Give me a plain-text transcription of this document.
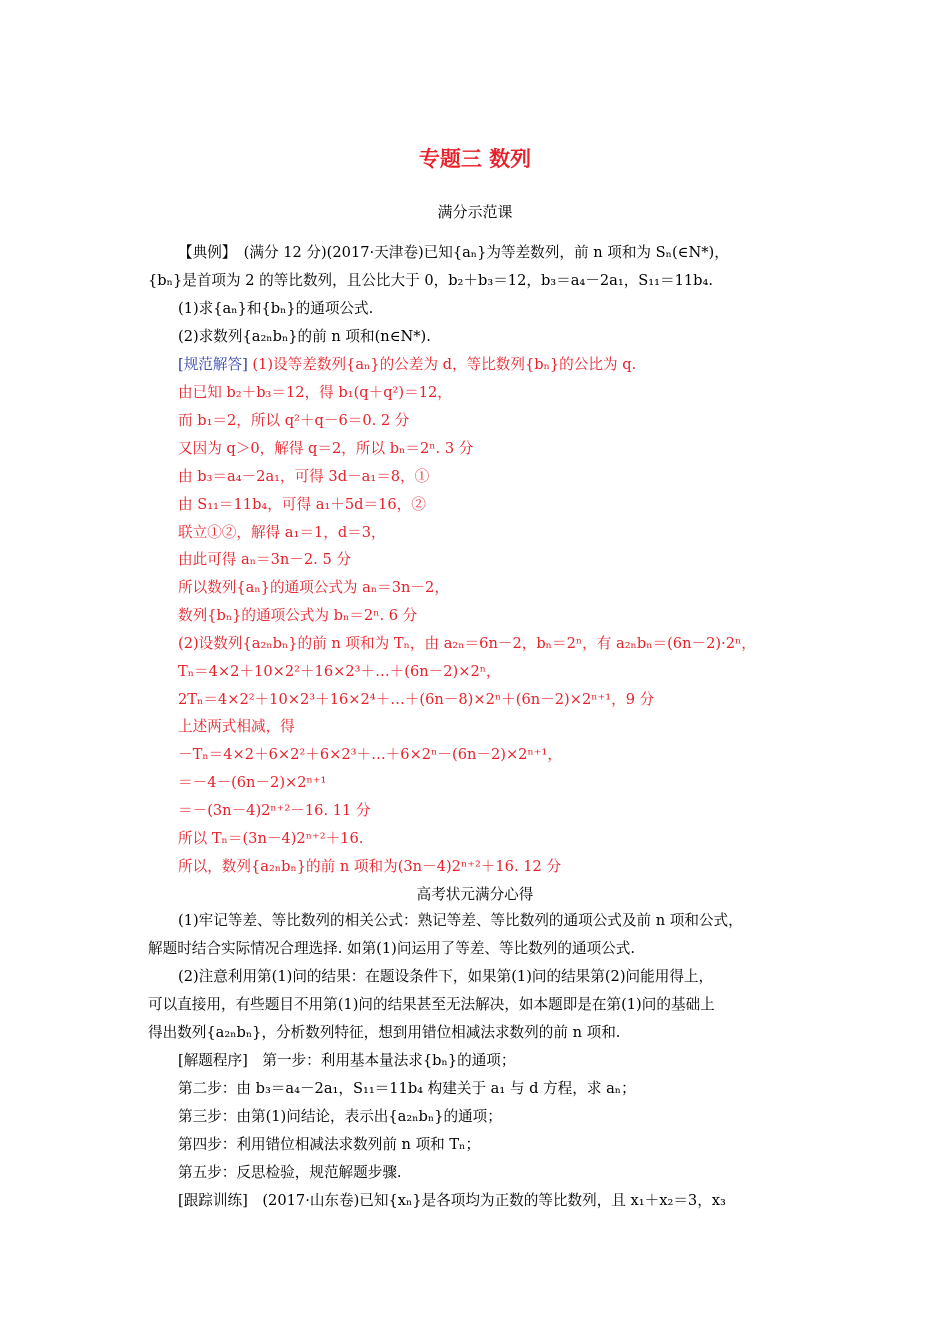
专题三 数列
满分示范课
【典例】　(满分 12 分)(2017·天津卷)已知{aₙ}为等差数列，前 n 项和为 Sₙ(∈N*)，
{bₙ}是首项为 2 的等比数列，且公比大于 0，b₂＋b₃＝12，b₃＝a₄－2a₁，S₁₁＝11b₄.
(1)求{aₙ}和{bₙ}的通项公式.
(2)求数列{a₂ₙbₙ}的前 n 项和(n∈N*).
[规范解答] (1)设等差数列{aₙ}的公差为 d，等比数列{bₙ}的公比为 q.
由已知 b₂＋b₃＝12，得 b₁(q＋q²)＝12，
而 b₁＝2，所以 q²＋q－6＝0. 2 分
又因为 q＞0，解得 q＝2，所以 bₙ＝2ⁿ. 3 分
由 b₃＝a₄－2a₁，可得 3d－a₁＝8，①
由 S₁₁＝11b₄，可得 a₁＋5d＝16，②
联立①②，解得 a₁＝1，d＝3，
由此可得 aₙ＝3n－2. 5 分
所以数列{aₙ}的通项公式为 aₙ＝3n－2，
数列{bₙ}的通项公式为 bₙ＝2ⁿ. 6 分
(2)设数列{a₂ₙbₙ}的前 n 项和为 Tₙ，由 a₂ₙ＝6n－2，bₙ＝2ⁿ，有 a₂ₙbₙ＝(6n－2)·2ⁿ，
Tₙ＝4×2＋10×2²＋16×2³＋…＋(6n－2)×2ⁿ，
2Tₙ＝4×2²＋10×2³＋16×2⁴＋…＋(6n－8)×2ⁿ＋(6n－2)×2ⁿ⁺¹，9 分
上述两式相减，得
－Tₙ＝4×2＋6×2²＋6×2³＋…＋6×2ⁿ－(6n－2)×2ⁿ⁺¹，
＝－4－(6n－2)×2ⁿ⁺¹
＝－(3n－4)2ⁿ⁺²－16. 11 分
所以 Tₙ＝(3n－4)2ⁿ⁺²＋16.
所以，数列{a₂ₙbₙ}的前 n 项和为(3n－4)2ⁿ⁺²＋16. 12 分
高考状元满分心得
(1)牢记等差、等比数列的相关公式：熟记等差、等比数列的通项公式及前 n 项和公式，
解题时结合实际情况合理选择. 如第(1)问运用了等差、等比数列的通项公式.
(2)注意利用第(1)问的结果：在题设条件下，如果第(1)问的结果第(2)问能用得上，
可以直接用，有些题目不用第(1)问的结果甚至无法解决，如本题即是在第(1)问的基础上
得出数列{a₂ₙbₙ}，分析数列特征，想到用错位相减法求数列的前 n 项和.
[解题程序]　第一步：利用基本量法求{bₙ}的通项；
第二步：由 b₃＝a₄－2a₁，S₁₁＝11b₄ 构建关于 a₁ 与 d 方程，求 aₙ；
第三步：由第(1)问结论，表示出{a₂ₙbₙ}的通项；
第四步：利用错位相减法求数列前 n 项和 Tₙ；
第五步：反思检验，规范解题步骤.
[跟踪训练]　(2017·山东卷)已知{xₙ}是各项均为正数的等比数列，且 x₁＋x₂＝3，x₃
